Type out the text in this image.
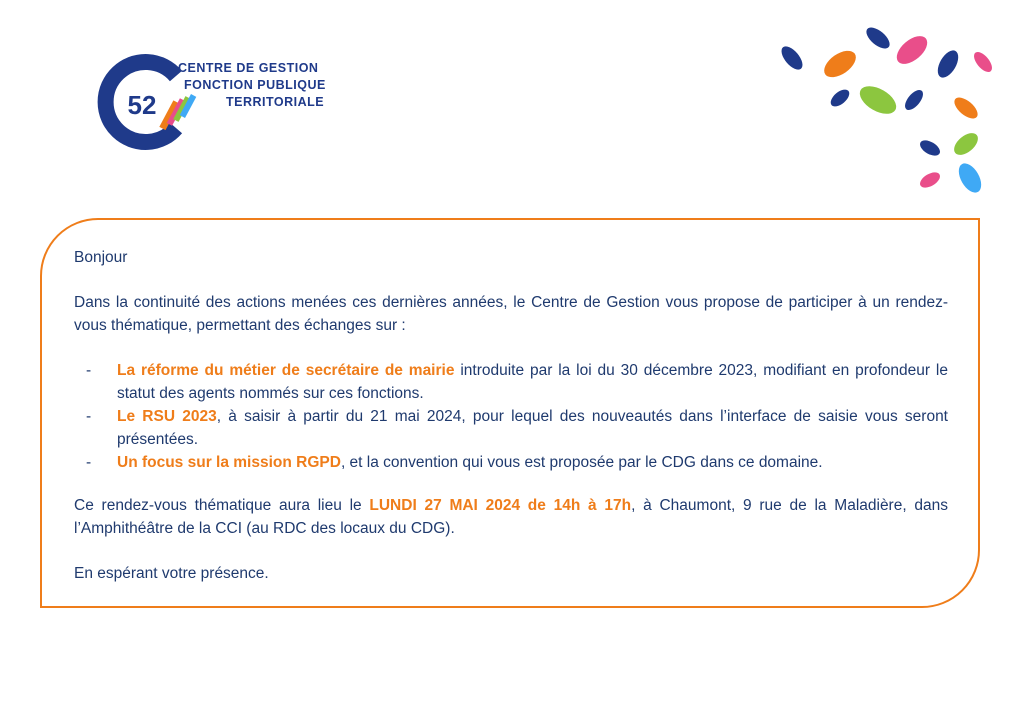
52
CENTRE DE GESTION
FONCTION PUBLIQUE
TERRITORIALE

Bonjour

Dans la continuité des actions menées ces dernières années, le Centre de Gestion vous propose de participer à un rendez-vous thématique, permettant des échanges sur :

- La réforme du métier de secrétaire de mairie introduite par la loi du 30 décembre 2023, modifiant en profondeur le statut des agents nommés sur ces fonctions.
- Le RSU 2023, à saisir à partir du 21 mai 2024, pour lequel des nouveautés dans l’interface de saisie vous seront présentées.
- Un focus sur la mission RGPD, et la convention qui vous est proposée par le CDG dans ce domaine.

Ce rendez-vous thématique aura lieu le LUNDI 27 MAI 2024 de 14h à 17h, à Chaumont, 9 rue de la Maladière, dans l’Amphithéâtre de la CCI (au RDC des locaux du CDG).

En espérant votre présence.
